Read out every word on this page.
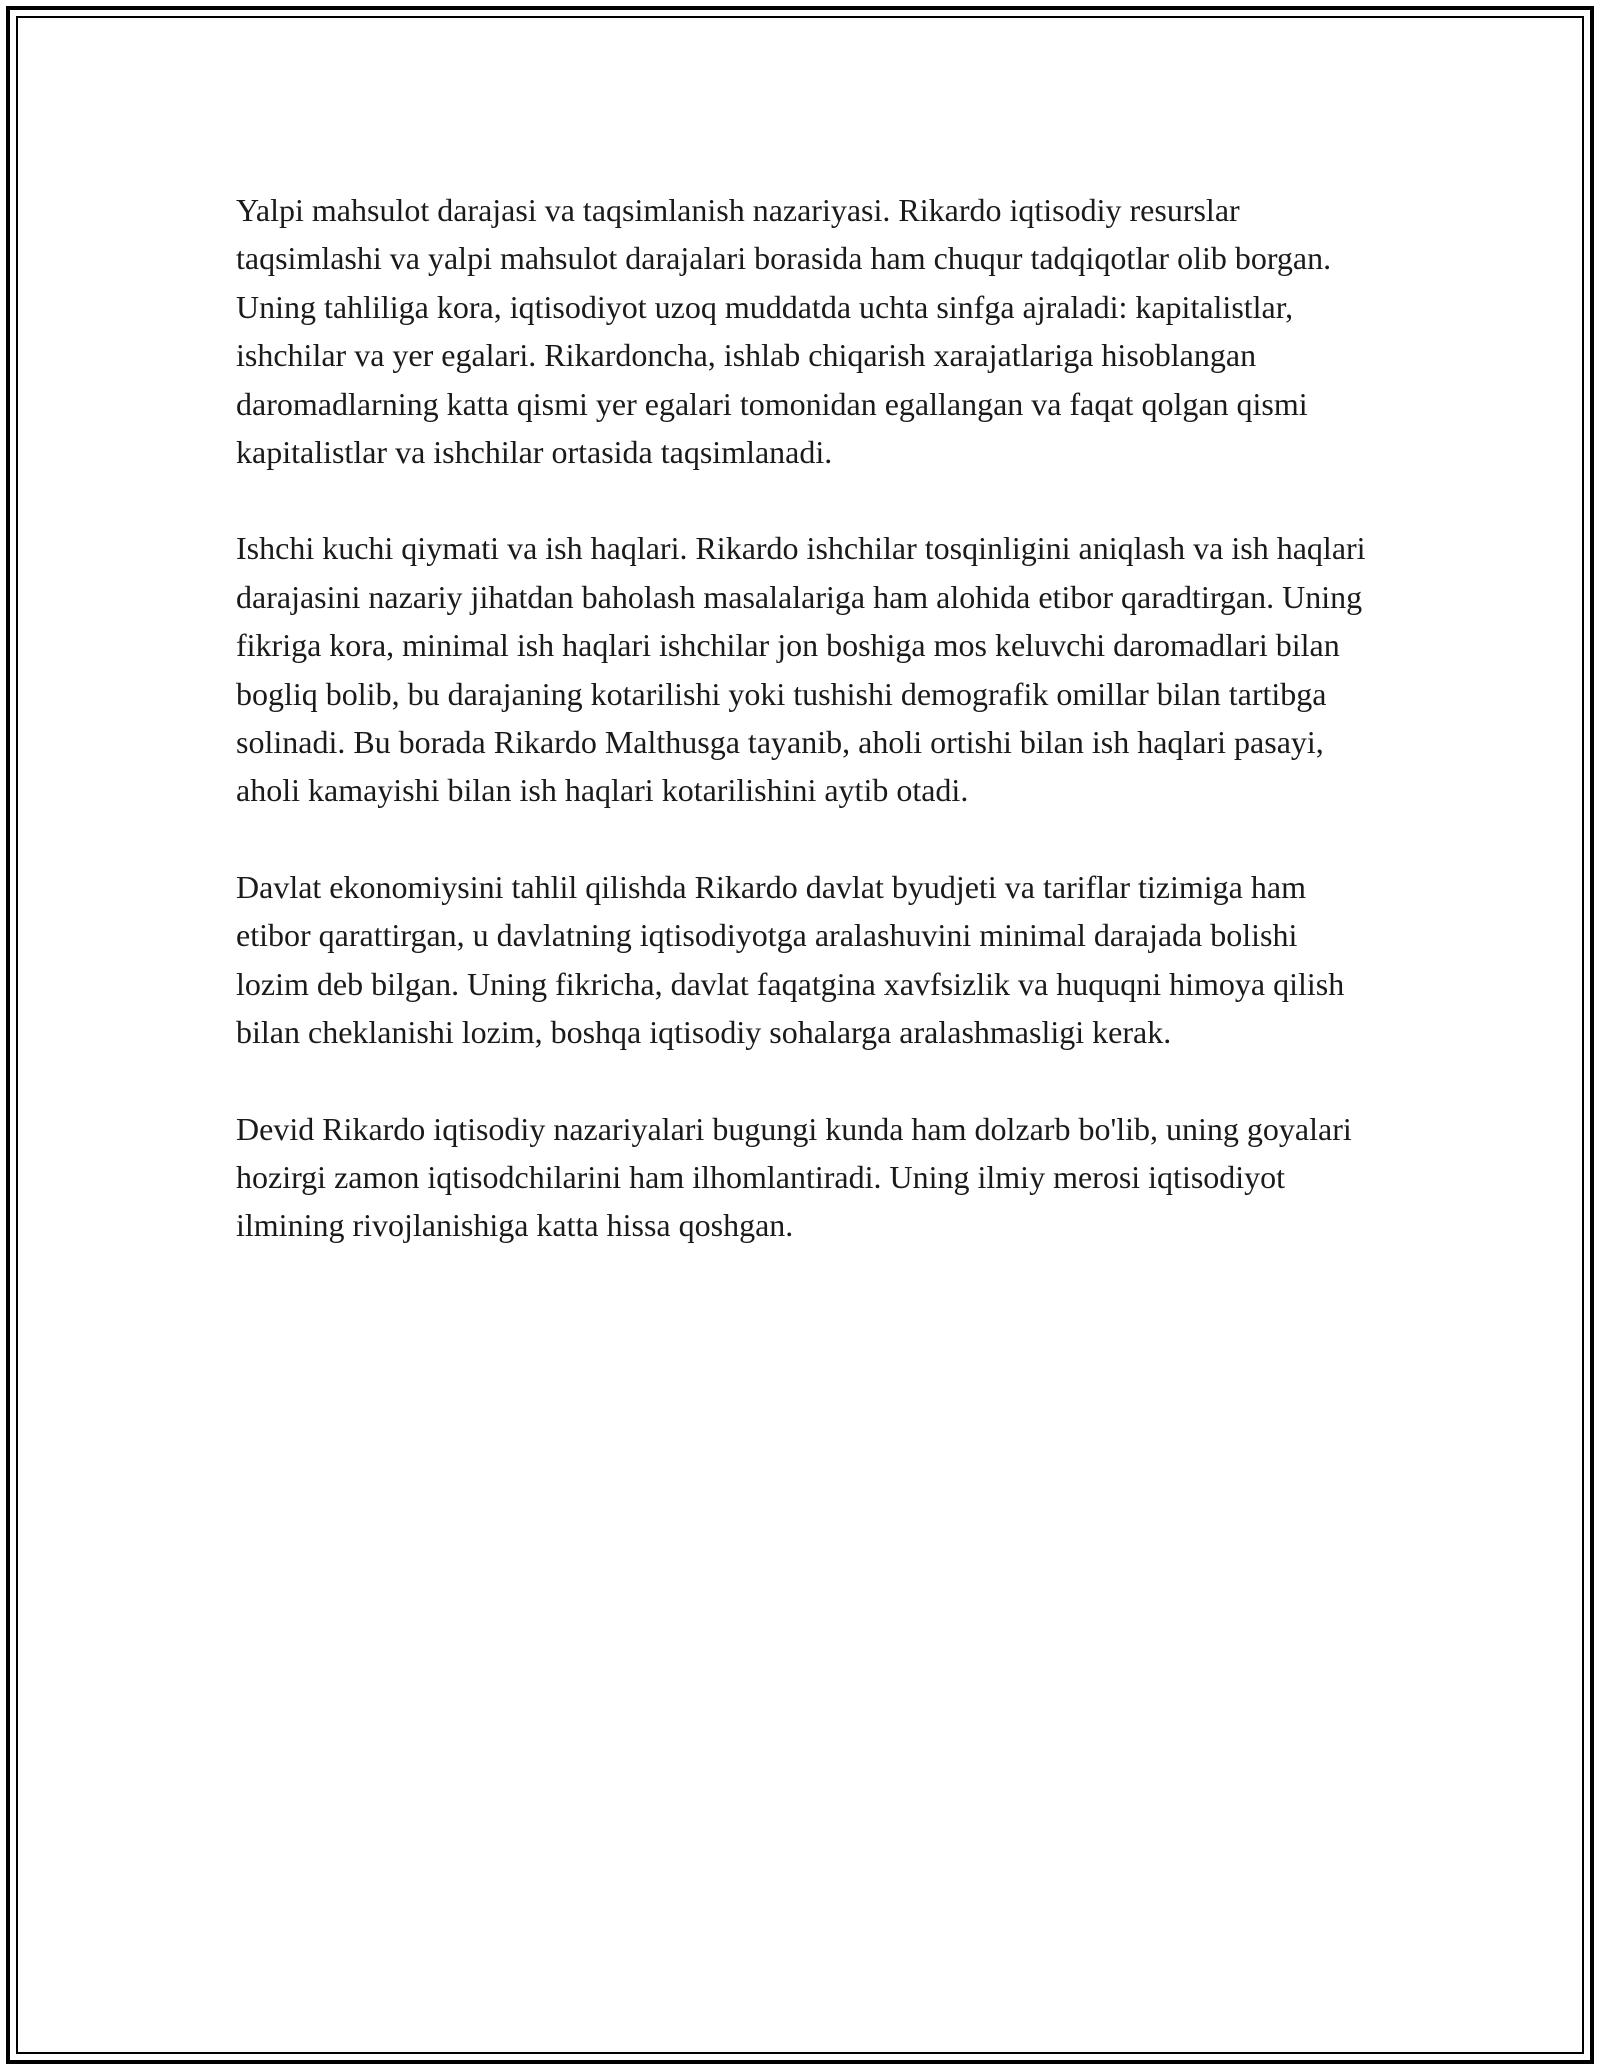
Yalpi mahsulot darajasi va taqsimlanish nazariyasi. Rikardo iqtisodiy resurslar taqsimlashi va yalpi mahsulot darajalari borasida ham chuqur tadqiqotlar olib borgan. Uning tahliliga kora, iqtisodiyot uzoq muddatda uchta sinfga ajraladi: kapitalistlar, ishchilar va yer egalari. Rikardoncha, ishlab chiqarish xarajatlariga hisoblangan daromadlarning katta qismi yer egalari tomonidan egallangan va faqat qolgan qismi kapitalistlar va ishchilar ortasida taqsimlanadi.

Ishchi kuchi qiymati va ish haqlari. Rikardo ishchilar tosqinligini aniqlash va ish haqlari darajasini nazariy jihatdan baholash masalalariga ham alohida etibor qaradtirgan. Uning fikriga kora, minimal ish haqlari ishchilar jon boshiga mos keluvchi daromadlari bilan bogliq bolib, bu darajaning kotarilishi yoki tushishi demografik omillar bilan tartibga solinadi. Bu borada Rikardo Malthusga tayanib, aholi ortishi bilan ish haqlari pasayi, aholi kamayishi bilan ish haqlari kotarilishini aytib otadi.

Davlat ekonomiysini tahlil qilishda Rikardo davlat byudjeti va tariflar tizimiga ham etibor qarattirgan, u davlatning iqtisodiyotga aralashuvini minimal darajada bolishi lozim deb bilgan. Uning fikricha, davlat faqatgina xavfsizlik va huquqni himoya qilish bilan cheklanishi lozim, boshqa iqtisodiy sohalarga aralashmasligi kerak.

Devid Rikardo iqtisodiy nazariyalari bugungi kunda ham dolzarb bo'lib, uning goyalari hozirgi zamon iqtisodchilarini ham ilhomlantiradi. Uning ilmiy merosi iqtisodiyot ilmining rivojlanishiga katta hissa qoshgan.
